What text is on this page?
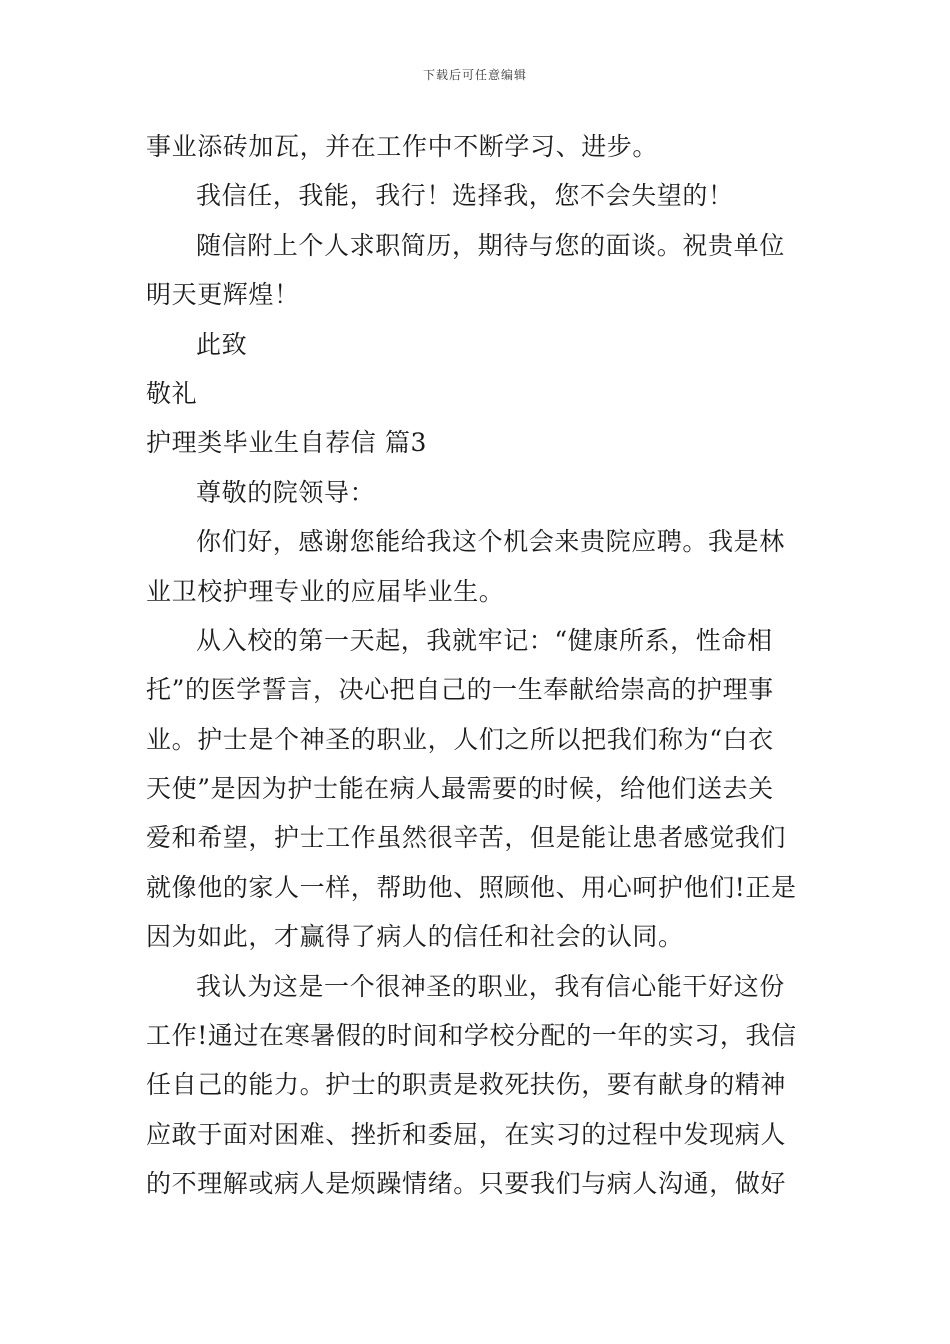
下载后可任意编辑
事业添砖加瓦，并在工作中不断学习、进步。
我信任，我能，我行！选择我，您不会失望的！
随信附上个人求职简历，期待与您的面谈。祝贵单位
明天更辉煌！
此致
敬礼
护理类毕业生自荐信 篇3
尊敬的院领导：
你们好，感谢您能给我这个机会来贵院应聘。我是林
业卫校护理专业的应届毕业生。
从入校的第一天起，我就牢记：“健康所系，性命相
托”的医学誓言，决心把自己的一生奉献给崇高的护理事
业。护士是个神圣的职业，人们之所以把我们称为“白衣
天使”是因为护士能在病人最需要的时候，给他们送去关
爱和希望，护士工作虽然很辛苦，但是能让患者感觉我们
就像他的家人一样，帮助他、照顾他、用心呵护他们!正是
因为如此，才赢得了病人的信任和社会的认同。
我认为这是一个很神圣的职业，我有信心能干好这份
工作!通过在寒暑假的时间和学校分配的一年的实习，我信
任自己的能力。护士的职责是救死扶伤，要有献身的精神
应敢于面对困难、挫折和委屈，在实习的过程中发现病人
的不理解或病人是烦躁情绪。只要我们与病人沟通，做好
